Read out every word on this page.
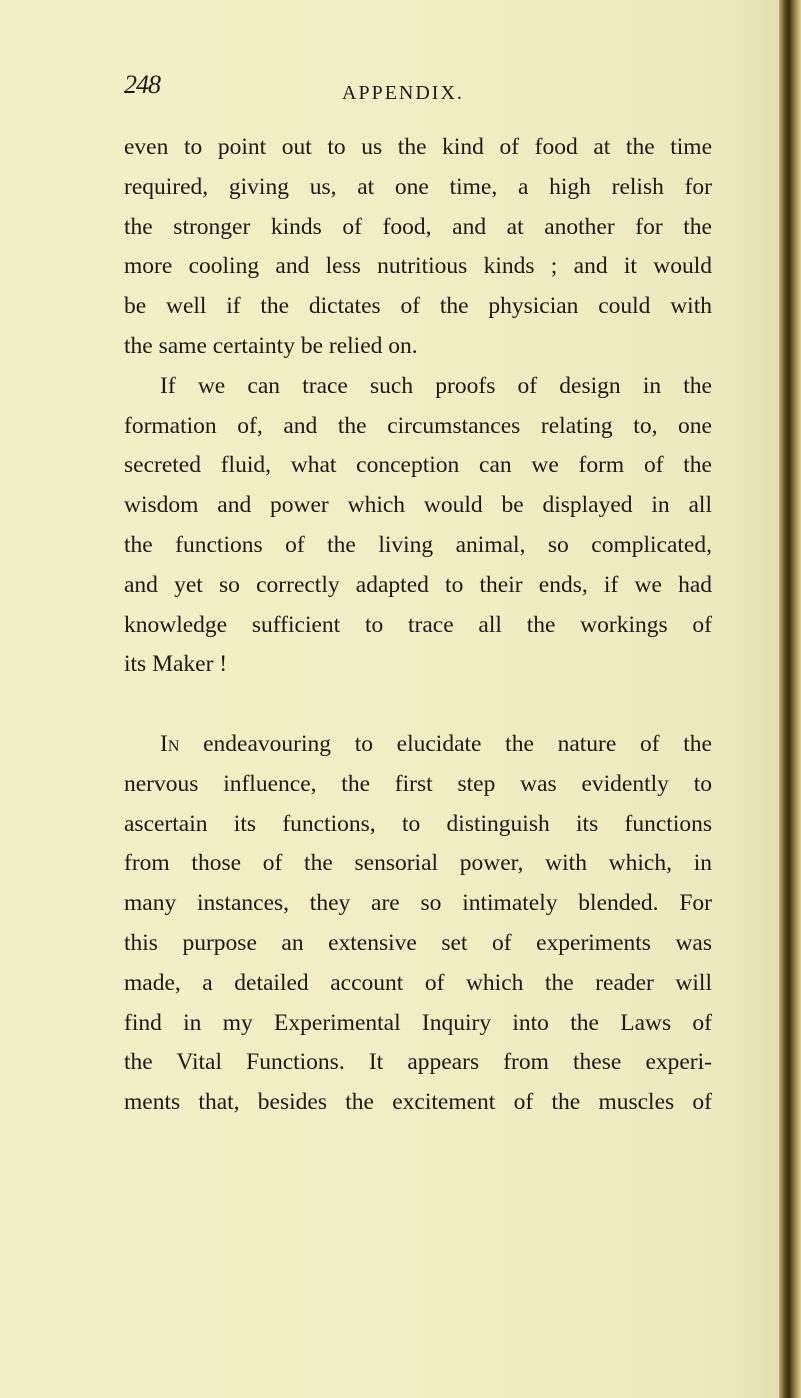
248	APPENDIX.
even to point out to us the kind of food at the time
required, giving us, at one time, a high relish for
the stronger kinds of food, and at another for the
more cooling and less nutritious kinds ; and it would
be well if the dictates of the physician could with
the same certainty be relied on.
If we can trace such proofs of design in the
formation of, and the circumstances relating to, one
secreted fluid, what conception can we form of the
wisdom and power which would be displayed in all
the functions of the living animal, so complicated,
and yet so correctly adapted to their ends, if we had
knowledge sufficient to trace all the workings of
its Maker !
In endeavouring to elucidate the nature of the
nervous influence, the first step was evidently to
ascertain its functions, to distinguish its functions
from those of the sensorial power, with which, in
many instances, they are so intimately blended. For
this purpose an extensive set of experiments was
made, a detailed account of which the reader will
find in my Experimental Inquiry into the Laws of
the Vital Functions. It appears from these experi-
ments that, besides the excitement of the muscles of
